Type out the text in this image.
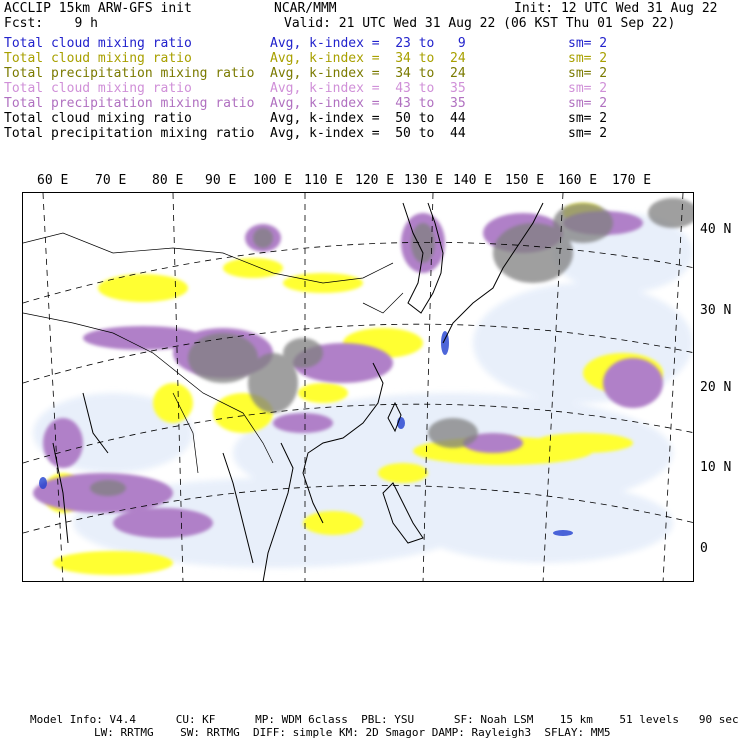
ACCLIP 15km ARW-GFS init	NCAR/MMM	Init: 12 UTC Wed 31 Aug 22
Fcst:    9 h	Valid: 21 UTC Wed 31 Aug 22 (06 KST Thu 01 Sep 22)
Total cloud mixing ratio	Avg, k-index =  23 to   9	sm= 2
Total cloud mixing ratio	Avg, k-index =  34 to  24	sm= 2
Total precipitation mixing ratio Avg, k-index =  34 to  24	sm= 2
Total cloud mixing ratio	Avg, k-index =  43 to  35	sm= 2
Total precipitation mixing ratio Avg, k-index =  43 to  35	sm= 2
Total cloud mixing ratio	Avg, k-index =  50 to  44	sm= 2
Total precipitation mixing ratio Avg, k-index =  50 to  44	sm= 2
60 E 70 E 80 E 90 E 100 E 110 E 120 E 130 E 140 E 150 E 160 E 170 E
40 N
30 N
20 N
10 N
0
Model Info: V4.4      CU: KF      MP: WDM 6class  PBL: YSU      SF: Noah LSM    15 km    51 levels   90 sec
LW: RRTMG    SW: RRTMG  DIFF: simple KM: 2D Smagor DAMP: Rayleigh3  SFLAY: MM5
